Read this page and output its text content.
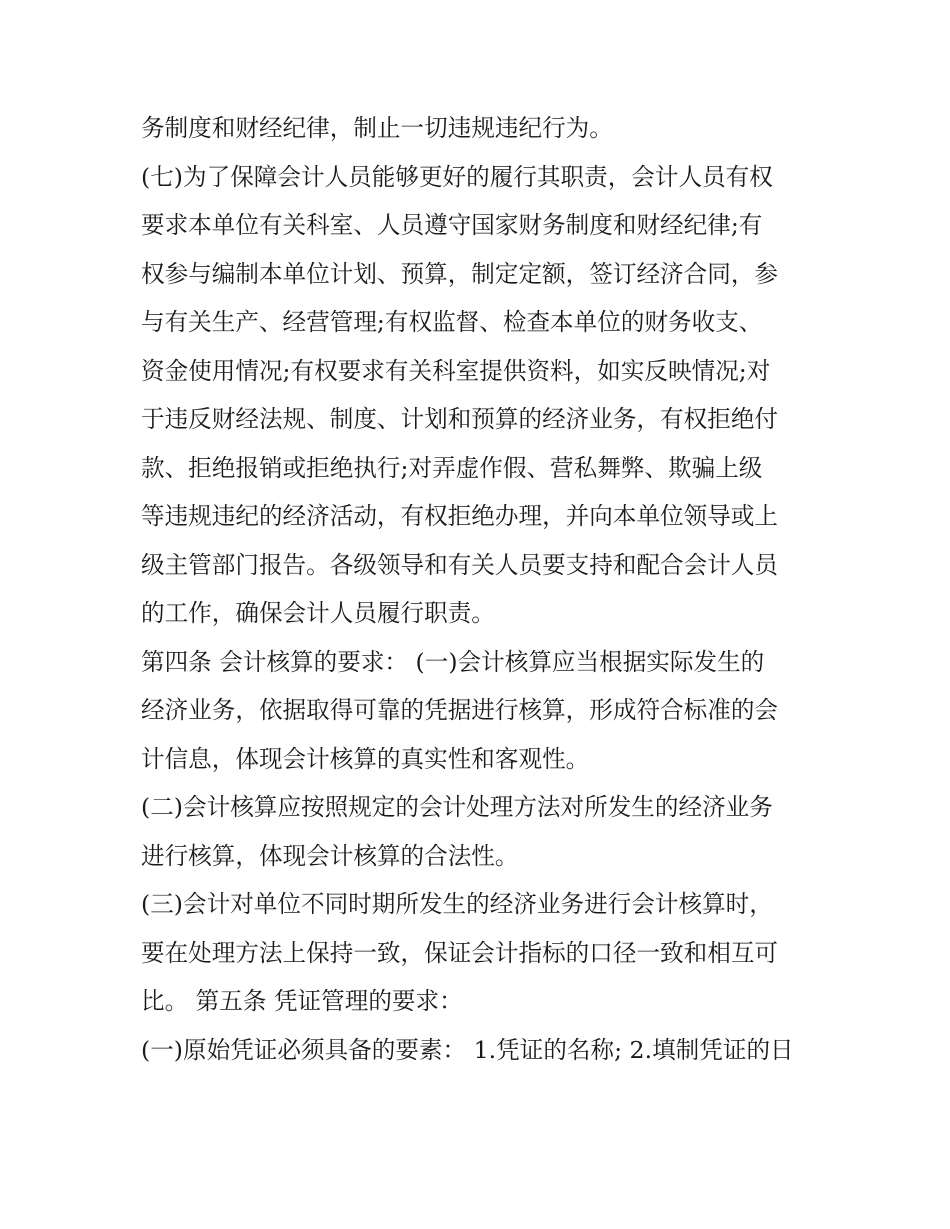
务制度和财经纪律，制止一切违规违纪行为。
(七)为了保障会计人员能够更好的履行其职责，会计人员有权
要求本单位有关科室、人员遵守国家财务制度和财经纪律;有
权参与编制本单位计划、预算，制定定额，签订经济合同，参
与有关生产、经营管理;有权监督、检查本单位的财务收支、
资金使用情况;有权要求有关科室提供资料，如实反映情况;对
于违反财经法规、制度、计划和预算的经济业务，有权拒绝付
款、拒绝报销或拒绝执行;对弄虚作假、营私舞弊、欺骗上级
等违规违纪的经济活动，有权拒绝办理，并向本单位领导或上
级主管部门报告。各级领导和有关人员要支持和配合会计人员
的工作，确保会计人员履行职责。
第四条 会计核算的要求： (一)会计核算应当根据实际发生的
经济业务，依据取得可靠的凭据进行核算，形成符合标准的会
计信息，体现会计核算的真实性和客观性。
(二)会计核算应按照规定的会计处理方法对所发生的经济业务
进行核算，体现会计核算的合法性。
(三)会计对单位不同时期所发生的经济业务进行会计核算时，
要在处理方法上保持一致，保证会计指标的口径一致和相互可
比。 第五条 凭证管理的要求：
(一)原始凭证必须具备的要素： 1.凭证的名称; 2.填制凭证的日
